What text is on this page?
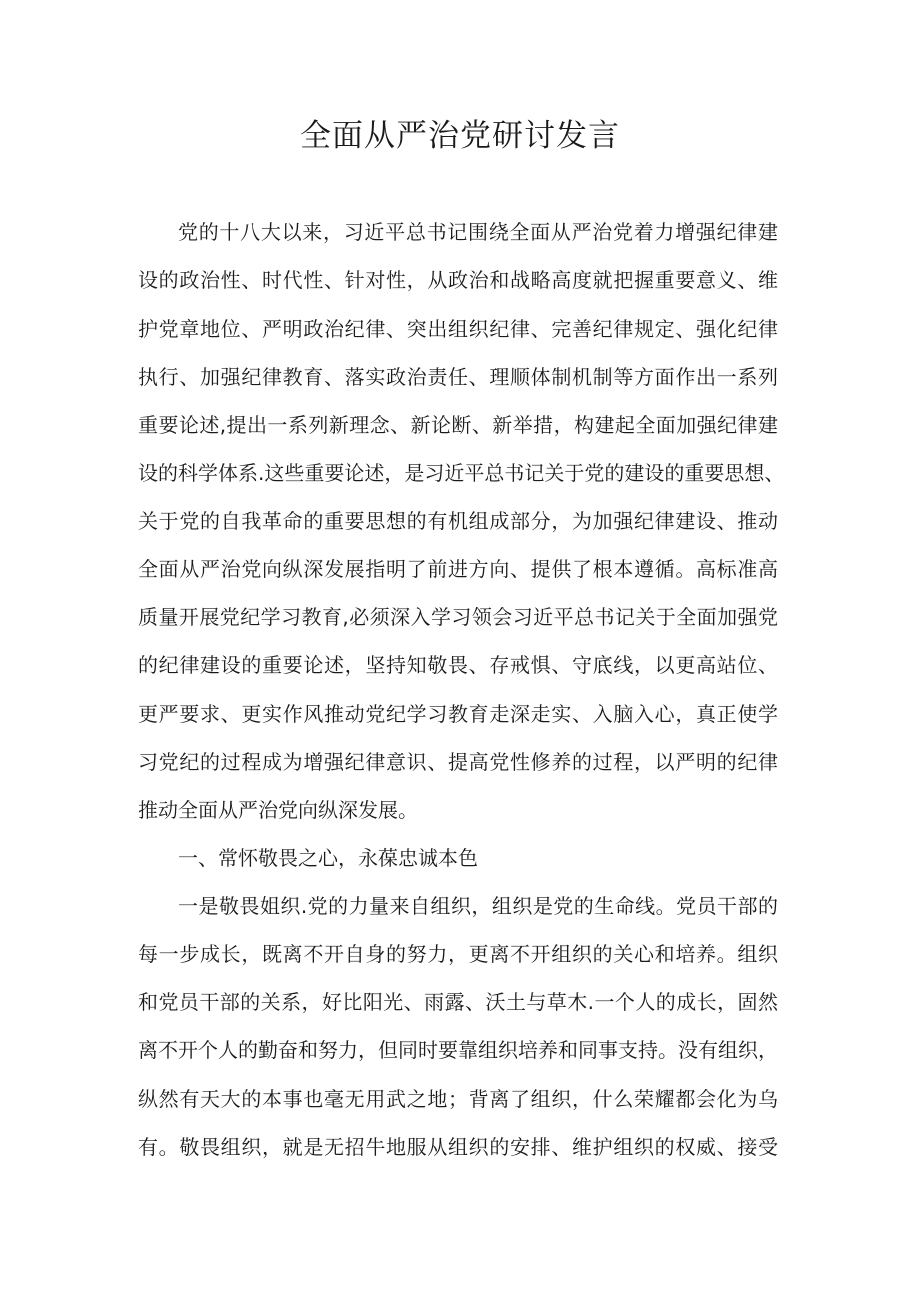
全面从严治党研讨发言

党的十八大以来，习近平总书记围绕全面从严治党着力增强纪律建

设的政治性、时代性、针对性，从政治和战略高度就把握重要意义、维

护党章地位、严明政治纪律、突出组织纪律、完善纪律规定、强化纪律

执行、加强纪律教育、落实政治责任、理顺体制机制等方面作出一系列

重要论述,提出一系列新理念、新论断、新举措，构建起全面加强纪律建

设的科学体系.这些重要论述，是习近平总书记关于党的建设的重要思想、

关于党的自我革命的重要思想的有机组成部分，为加强纪律建设、推动

全面从严治党向纵深发展指明了前进方向、提供了根本遵循。高标准高

质量开展党纪学习教育,必须深入学习领会习近平总书记关于全面加强党

的纪律建设的重要论述，坚持知敬畏、存戒惧、守底线，以更高站位、

更严要求、更实作风推动党纪学习教育走深走实、入脑入心，真正使学

习党纪的过程成为增强纪律意识、提高党性修养的过程，以严明的纪律

推动全面从严治党向纵深发展。

一、常怀敬畏之心，永葆忠诚本色

一是敬畏姐织.党的力量来自组织，组织是党的生命线。党员干部的

每一步成长，既离不开自身的努力，更离不开组织的关心和培养。组织

和党员干部的关系，好比阳光、雨露、沃土与草木.一个人的成长，固然

离不开个人的勤奋和努力，但同时要靠组织培养和同事支持。没有组织，

纵然有天大的本事也毫无用武之地；背离了组织，什么荣耀都会化为乌

有。敬畏组织，就是无招牛地服从组织的安排、维护组织的权威、接受
